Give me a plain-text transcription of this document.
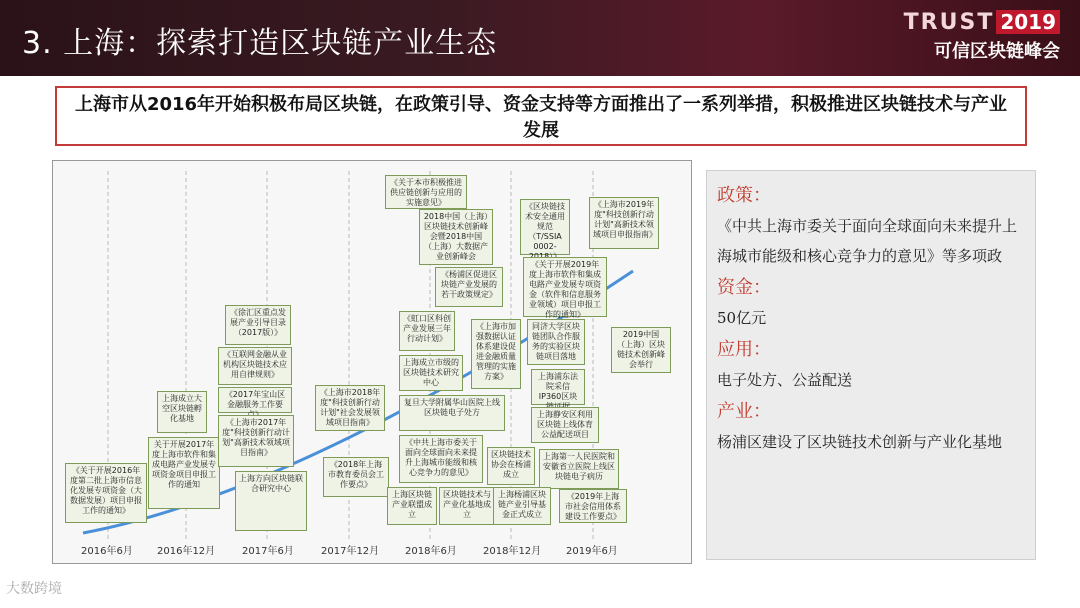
3. 上海：探索打造区块链产业生态
TRUST 2019
可信区块链峰会
上海市从2016年开始积极布局区块链，在政策引导、资金支持等方面推出了一系列举措，积极推进区块链技术与产业发展
2016年6月 2016年12月	2017年6月	2017年12月	2018年6月	2018年12月 2019年6月
《关于开展2016年度第二批上海市信息化发展专项资金（大数据发展）项目申报工作的通知》
关于开展2017年度上海市软件和集成电路产业发展专项资金项目申报工作的通知
上海成立大空区块链孵化基地
《互联网金融从业机构区块链技术应用自律规则》
《2017年宝山区金融服务工作要
《上海市2017年度"科技创新行动计划"高新技术领域项目指南》
《徐汇区重点发展产业引导目录（2017版）》
上海方向区块链联合研究中心
《上海市2018年度"科技创新行动计划"社会发展领域项目指南》
《2018年上海市教育委员会工作要点》
《关于本市积极推进供应链创新与应用的实施意见》
2018中国（上海）区块链技术创新峰会暨2018中国（上海）大数据产业创新峰会
《杨浦区促进区块链产业发展的若干政策规定》
《虹口区科创产业发展三年行动计划》
上海成立市级的区块链技术研究中心
《上海市加强数据认证体系建设促进金融质量管理的实施方案》
复旦大学附属华山医院上线区块链电子处方
《中共上海市委关于面向全球面向未来提升上海城市能级和核心竞争力的意见》
区块链技术协会在杨浦成立
上海区块链产业联盟成立
区块链技术与产业化基地成立
《区块链技术安全通用规范（T/SSIA 0002-
《关于开展2019年度上海市软件和集成电路产业发展专项资金（软件和信息服务业领域）项目申报工作的通知》
同济大学区块链团队合作服务的实验区块链项目落地
上海浦东法院采信IP360区块
上海静安区利用区块链上线体育公益配送项目
上海第一人民医院和安徽省立医院上线区块链电子病历
上海杨浦区块链产业引导基金正式成立
《上海市2019年度"科技创新行动计划"高新技术领域项目申报指南》
2019中国（上海）区块链技术创新峰会举行
《2019年上海市社会信用体系建设工作要点》
政策：
《中共上海市委关于面向全球面向未来提升上海城市能级和核心竞争力的意见》等多项政
资金：
50亿元
应用：
电子处方、公益配送
产业：
杨浦区建设了区块链技术创新与产业化基地
大数跨境
